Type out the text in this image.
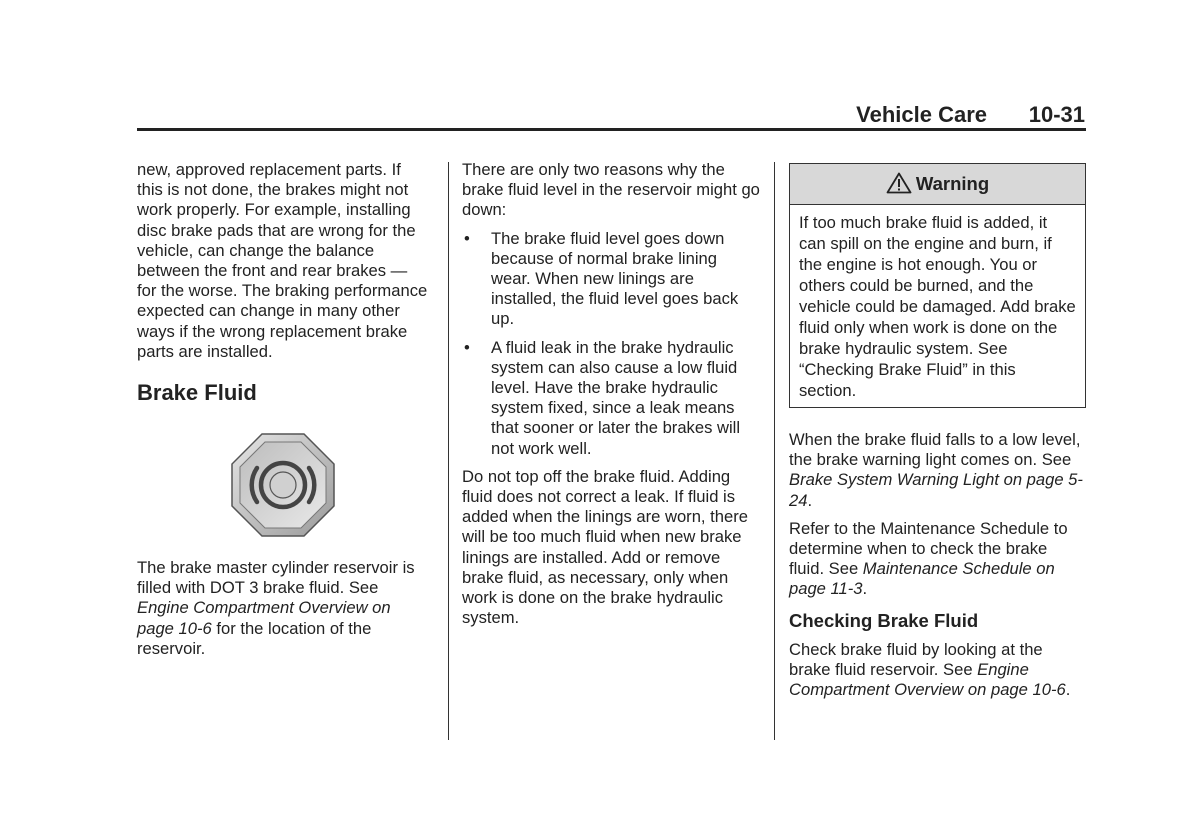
Vehicle Care 10-31

new, approved replacement parts. If this is not done, the brakes might not work properly. For example, installing disc brake pads that are wrong for the vehicle, can change the balance between the front and rear brakes — for the worse. The braking performance expected can change in many other ways if the wrong replacement brake parts are installed.

Brake Fluid

The brake master cylinder reservoir is filled with DOT 3 brake fluid. See Engine Compartment Overview on page 10-6 for the location of the reservoir.

There are only two reasons why the brake fluid level in the reservoir might go down:

• The brake fluid level goes down because of normal brake lining wear. When new linings are installed, the fluid level goes back up.
• A fluid leak in the brake hydraulic system can also cause a low fluid level. Have the brake hydraulic system fixed, since a leak means that sooner or later the brakes will not work well.

Do not top off the brake fluid. Adding fluid does not correct a leak. If fluid is added when the linings are worn, there will be too much fluid when new brake linings are installed. Add or remove brake fluid, as necessary, only when work is done on the brake hydraulic system.

Warning
If too much brake fluid is added, it can spill on the engine and burn, if the engine is hot enough. You or others could be burned, and the vehicle could be damaged. Add brake fluid only when work is done on the brake hydraulic system. See “Checking Brake Fluid” in this section.

When the brake fluid falls to a low level, the brake warning light comes on. See Brake System Warning Light on page 5-24.

Refer to the Maintenance Schedule to determine when to check the brake fluid. See Maintenance Schedule on page 11-3.

Checking Brake Fluid

Check brake fluid by looking at the brake fluid reservoir. See Engine Compartment Overview on page 10-6.
